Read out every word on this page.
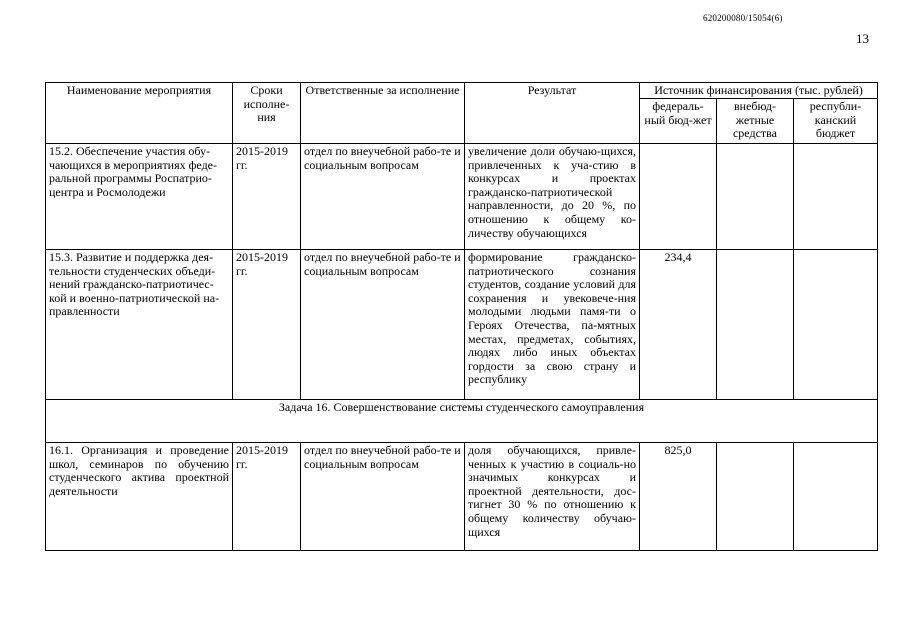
620200080/15054(6)
13
Наименование мероприятия	Сроки исполне-ния	Ответственные за исполнение	Результат	Источник финансирования (тыс. рублей)		
				федераль-ный бюд-жет	внебюд-жетные средства	республи-канский бюджет
15.2. Обеспечение участия обу-чающихся в мероприятиях феде-ральной программы Роспатрио-центра и Росмолодежи	2015-2019 гг.	отдел по внеучебной рабо-те и социальным вопросам	увеличение доли обучаю-щихся, привлеченных к уча-стию в конкурсах и проектах гражданско-патриотической направленности, до 20 %, по отношению к общему ко-личеству обучающихся			
15.3. Развитие и поддержка дея-тельности студенческих объеди-нений гражданско-патриотичес-кой и военно-патриотической на-правленности	2015-2019 гг.	отдел по внеучебной рабо-те и социальным вопросам	формирование гражданско-патриотического сознания студентов, создание условий для сохранения и увековече-ния молодыми людьми памя-ти о Героях Отечества, па-мятных местах, предметах, событиях, людях либо иных объектах гордости за свою страну и республику	234,4		
Задача 16. Совершенствование системы студенческого самоуправления						
16.1. Организация и проведение школ, семинаров по обучению студенческого актива проектной деятельности	2015-2019 гг.	отдел по внеучебной рабо-те и социальным вопросам	доля обучающихся, привле-ченных к участию в социаль-но значимых конкурсах и проектной деятельности, дос-тигнет 30 % по отношению к общему количеству обучаю-щихся	825,0		
